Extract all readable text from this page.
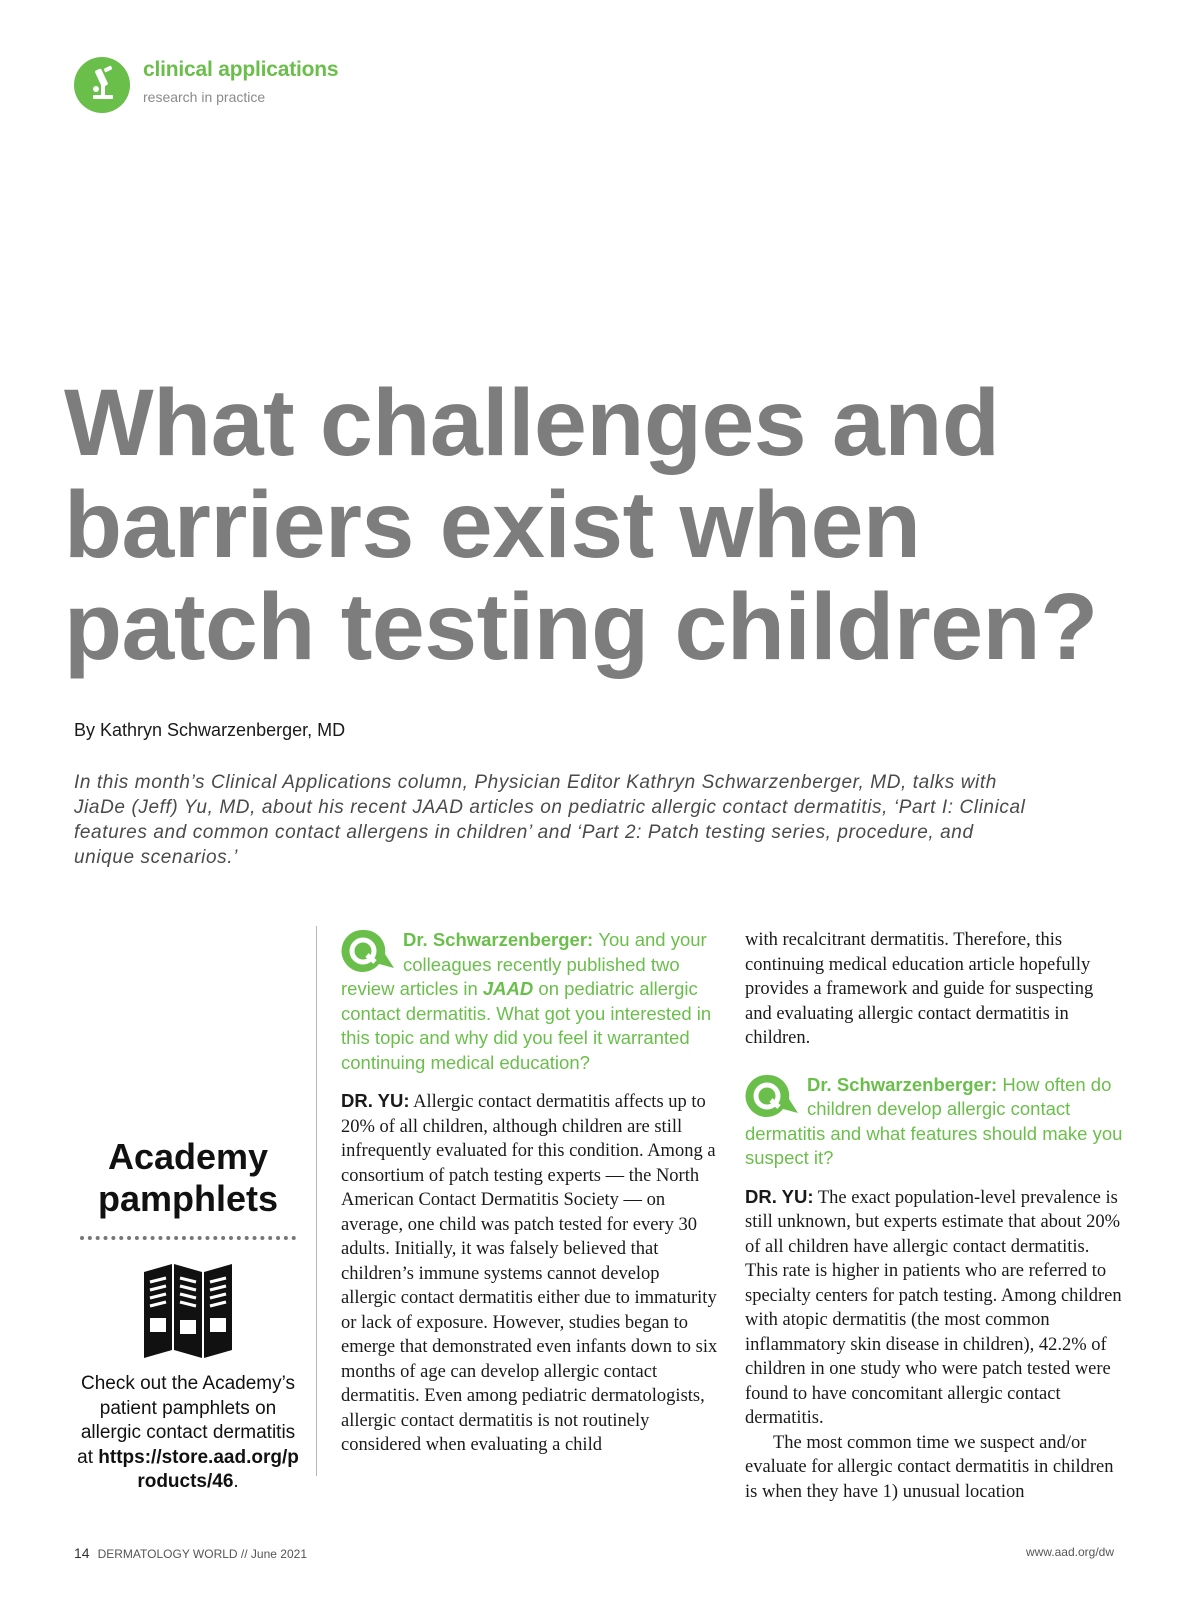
clinical applications
research in practice
What challenges and barriers exist when patch testing children?
By Kathryn Schwarzenberger, MD

In this month’s Clinical Applications column, Physician Editor Kathryn Schwarzenberger, MD, talks with JiaDe (Jeff) Yu, MD, about his recent JAAD articles on pediatric allergic contact dermatitis, ‘Part I: Clinical features and common contact allergens in children’ and ‘Part 2: Patch testing series, procedure, and unique scenarios.’

Academy pamphlets
Check out the Academy’s patient pamphlets on allergic contact dermatitis at https://store.aad.org/products/46.
Dr. Schwarzenberger: You and your colleagues recently published two review articles in JAAD on pediatric allergic contact dermatitis. What got you interested in this topic and why did you feel it warranted continuing medical education?

DR. YU: Allergic contact dermatitis affects up to 20% of all children, although children are still infrequently evaluated for this condition. Among a consortium of patch testing experts — the North American Contact Dermatitis Society — on average, one child was patch tested for every 30 adults. Initially, it was falsely believed that children’s immune systems cannot develop allergic contact dermatitis either due to immaturity or lack of exposure. However, studies began to emerge that demonstrated even infants down to six months of age can develop allergic contact dermatitis. Even among pediatric dermatologists, allergic contact dermatitis is not routinely considered when evaluating a child

with recalcitrant dermatitis. Therefore, this continuing medical education article hopefully provides a framework and guide for suspecting and evaluating allergic contact dermatitis in children.

Dr. Schwarzenberger: How often do children develop allergic contact dermatitis and what features should make you suspect it?

DR. YU: The exact population-level prevalence is still unknown, but experts estimate that about 20% of all children have allergic contact dermatitis. This rate is higher in patients who are referred to specialty centers for patch testing. Among children with atopic dermatitis (the most common inflammatory skin disease in children), 42.2% of children in one study who were patch tested were found to have concomitant allergic contact dermatitis.

The most common time we suspect and/or evaluate for allergic contact dermatitis in children is when they have 1) unusual location

14 DERMATOLOGY WORLD // June 2021	www.aad.org/dw
